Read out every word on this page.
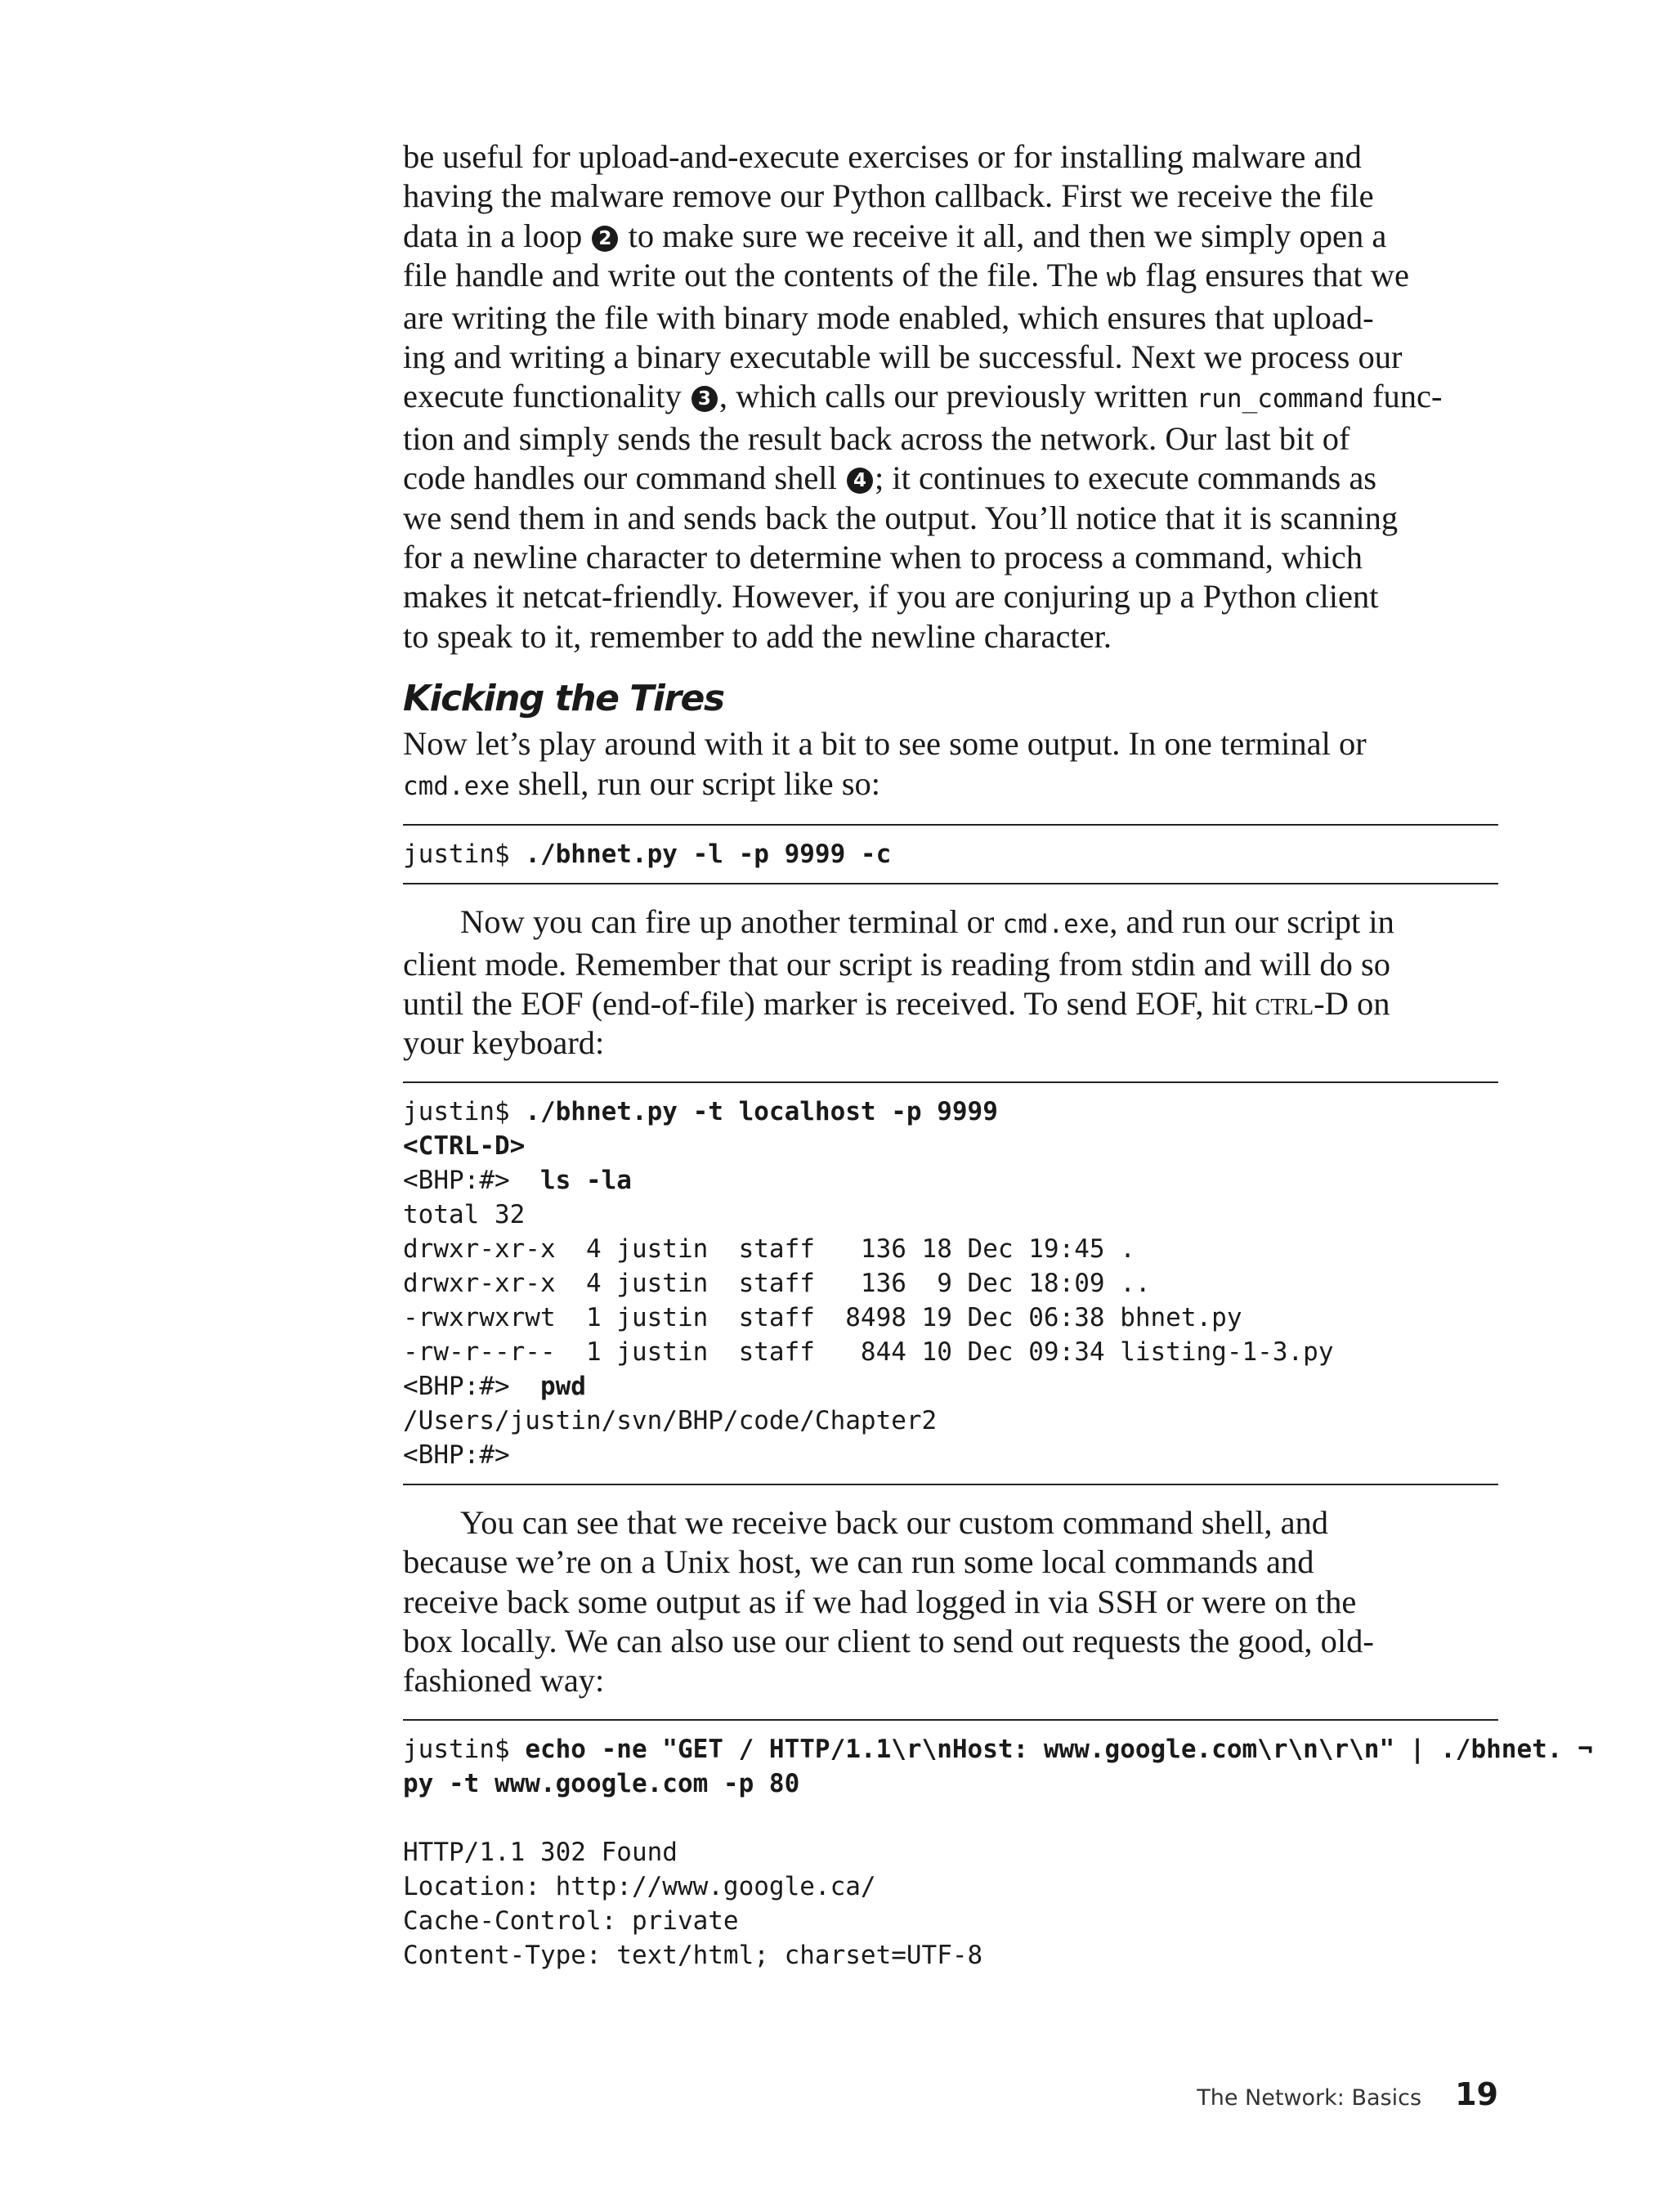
be useful for upload-and-execute exercises or for installing malware and
having the malware remove our Python callback. First we receive the file
data in a loop 2 to make sure we receive it all, and then we simply open a
file handle and write out the contents of the file. The wb flag ensures that we
are writing the file with binary mode enabled, which ensures that upload-
ing and writing a binary executable will be successful. Next we process our
execute functionality 3 , which calls our previously written run_command func-
tion and simply sends the result back across the network. Our last bit of
code handles our command shell 4 ; it continues to execute commands as
we send them in and sends back the output. You’ll notice that it is scanning
for a newline character to determine when to process a command, which
makes it netcat-friendly. However, if you are conjuring up a Python client
to speak to it, remember to add the newline character.
Kicking the Tires
Now let’s play around with it a bit to see some output. In one terminal or
cmd.exe shell, run our script like so:
justin$ ./bhnet.py -l -p 9999 -c
Now you can fire up another terminal or cmd.exe, and run our script in
client mode. Remember that our script is reading from stdin and will do so
until the EOF (end-of-file) marker is received. To send EOF, hit ctrl-D on
your keyboard:
justin$ ./bhnet.py -t localhost -p 9999
<CTRL-D>
<BHP:#>  ls -la
total 32
drwxr-xr-x  4 justin  staff   136 18 Dec 19:45 .
drwxr-xr-x  4 justin  staff   136  9 Dec 18:09 ..
-rwxrwxrwt  1 justin  staff  8498 19 Dec 06:38 bhnet.py
-rw-r--r--  1 justin  staff   844 10 Dec 09:34 listing-1-3.py
<BHP:#>  pwd
/Users/justin/svn/BHP/code/Chapter2
<BHP:#>
You can see that we receive back our custom command shell, and
because we’re on a Unix host, we can run some local commands and
receive back some output as if we had logged in via SSH or were on the
box locally. We can also use our client to send out requests the good, old-
fashioned way:
justin$ echo -ne "GET / HTTP/1.1\r\nHost: www.google.com\r\n\r\n" | ./bhnet. ¬
py -t www.google.com -p 80
HTTP/1.1 302 Found
Location: http://www.google.ca/
Cache-Control: private
Content-Type: text/html; charset=UTF-8
The Network: Basics 19
